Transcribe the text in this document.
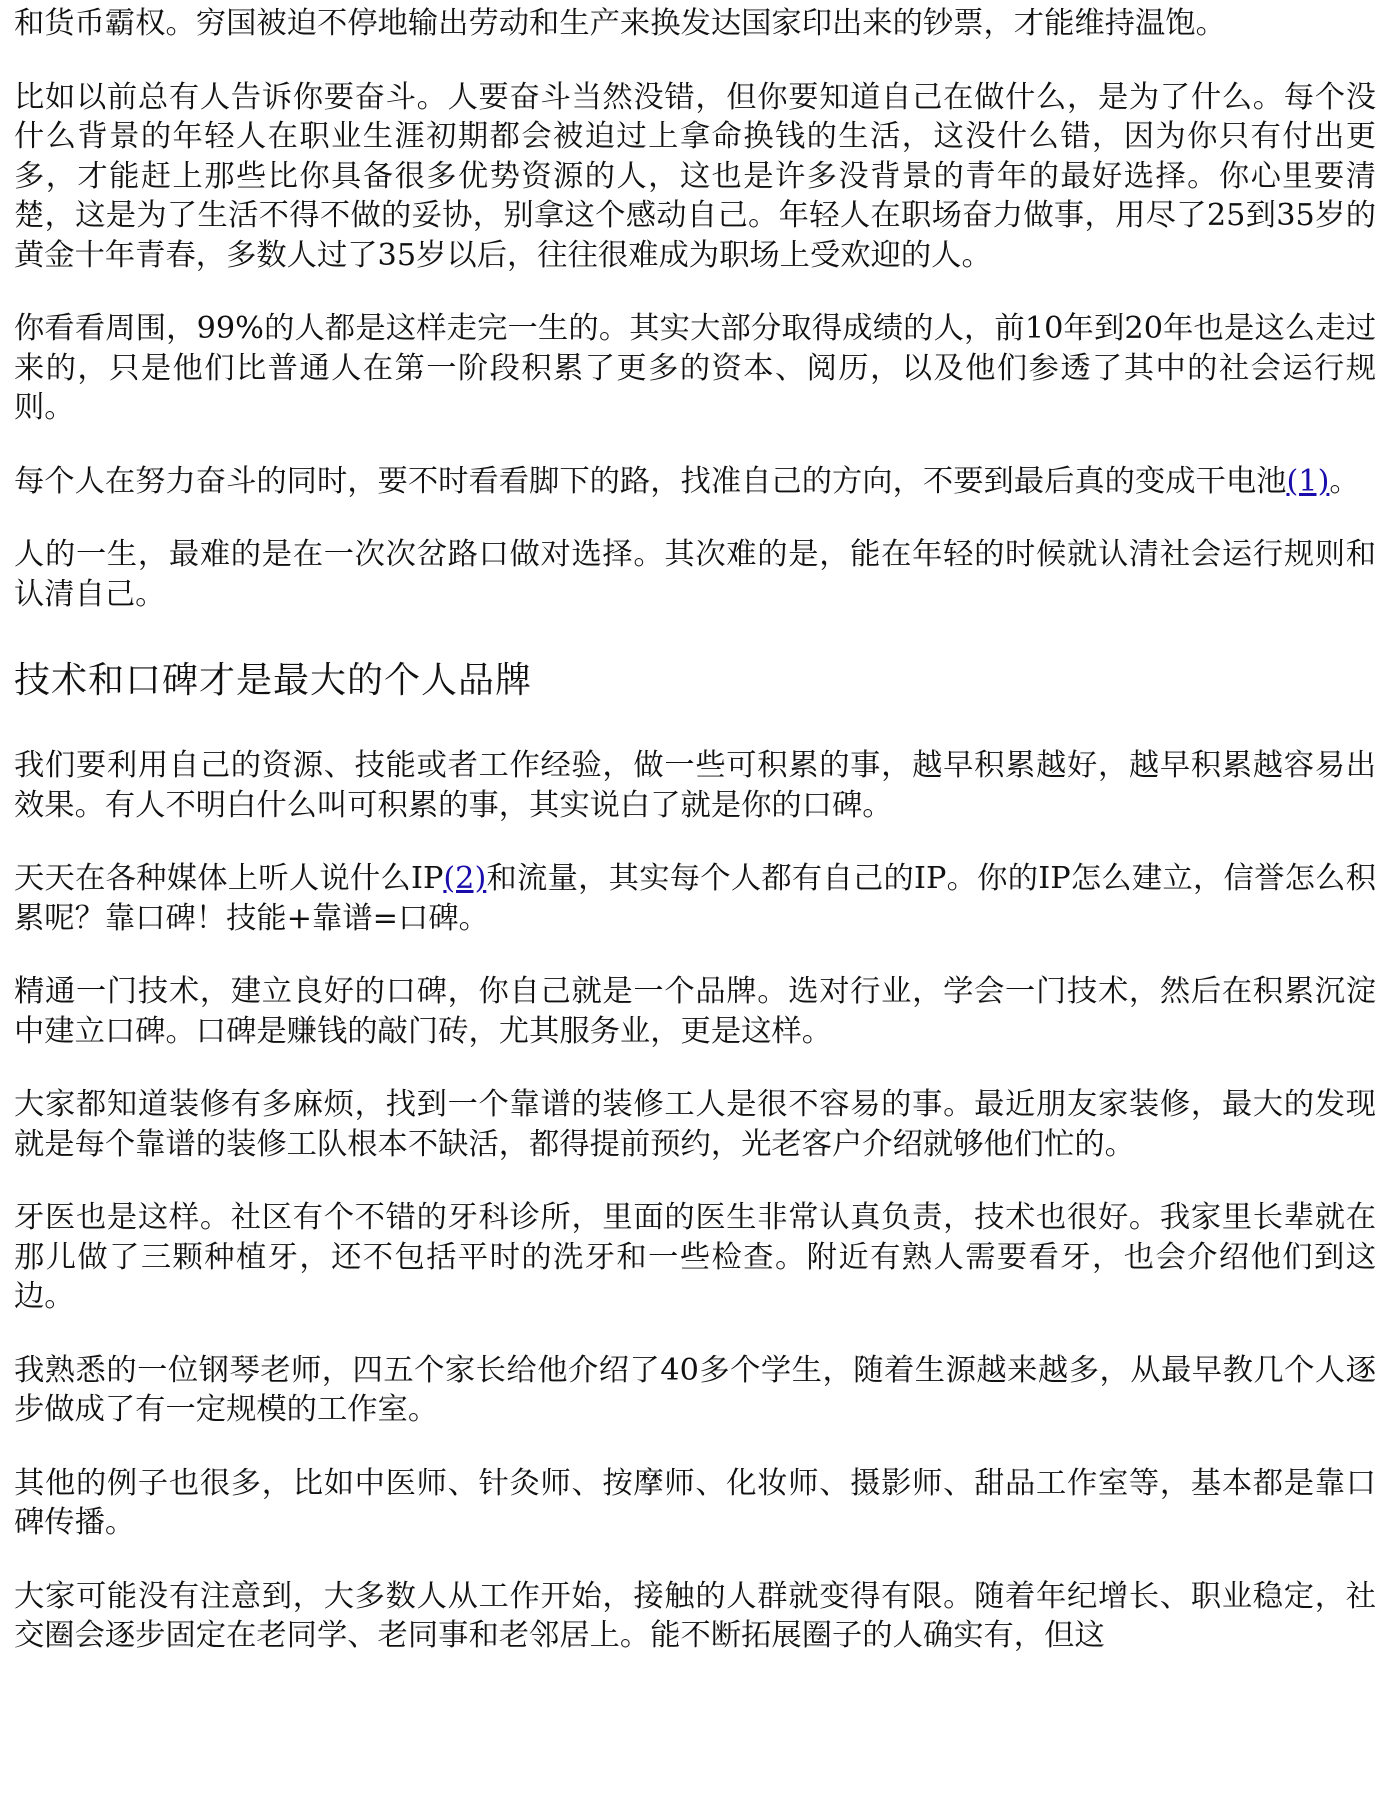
和货币霸权。穷国被迫不停地输出劳动和生产来换发达国家印出来的钞票，才能维持温饱。

比如以前总有人告诉你要奋斗。人要奋斗当然没错，但你要知道自己在做什么，是为了什么。每个没什么背景的年轻人在职业生涯初期都会被迫过上拿命换钱的生活，这没什么错，因为你只有付出更多，才能赶上那些比你具备很多优势资源的人，这也是许多没背景的青年的最好选择。你心里要清楚，这是为了生活不得不做的妥协，别拿这个感动自己。年轻人在职场奋力做事，用尽了25到35岁的黄金十年青春，多数人过了35岁以后，往往很难成为职场上受欢迎的人。

你看看周围，99%的人都是这样走完一生的。其实大部分取得成绩的人，前10年到20年也是这么走过来的，只是他们比普通人在第一阶段积累了更多的资本、阅历，以及他们参透了其中的社会运行规则。

每个人在努力奋斗的同时，要不时看看脚下的路，找准自己的方向，不要到最后真的变成干电池(1)。

人的一生，最难的是在一次次岔路口做对选择。其次难的是，能在年轻的时候就认清社会运行规则和认清自己。

技术和口碑才是最大的个人品牌

我们要利用自己的资源、技能或者工作经验，做一些可积累的事，越早积累越好，越早积累越容易出效果。有人不明白什么叫可积累的事，其实说白了就是你的口碑。

天天在各种媒体上听人说什么IP(2)和流量，其实每个人都有自己的IP。你的IP怎么建立，信誉怎么积累呢？靠口碑！技能+靠谱=口碑。

精通一门技术，建立良好的口碑，你自己就是一个品牌。选对行业，学会一门技术，然后在积累沉淀中建立口碑。口碑是赚钱的敲门砖，尤其服务业，更是这样。

大家都知道装修有多麻烦，找到一个靠谱的装修工人是很不容易的事。最近朋友家装修，最大的发现就是每个靠谱的装修工队根本不缺活，都得提前预约，光老客户介绍就够他们忙的。

牙医也是这样。社区有个不错的牙科诊所，里面的医生非常认真负责，技术也很好。我家里长辈就在那儿做了三颗种植牙，还不包括平时的洗牙和一些检查。附近有熟人需要看牙，也会介绍他们到这边。

我熟悉的一位钢琴老师，四五个家长给他介绍了40多个学生，随着生源越来越多，从最早教几个人逐步做成了有一定规模的工作室。

其他的例子也很多，比如中医师、针灸师、按摩师、化妆师、摄影师、甜品工作室等，基本都是靠口碑传播。

大家可能没有注意到，大多数人从工作开始，接触的人群就变得有限。随着年纪增长、职业稳定，社交圈会逐步固定在老同学、老同事和老邻居上。能不断拓展圈子的人确实有，但这
